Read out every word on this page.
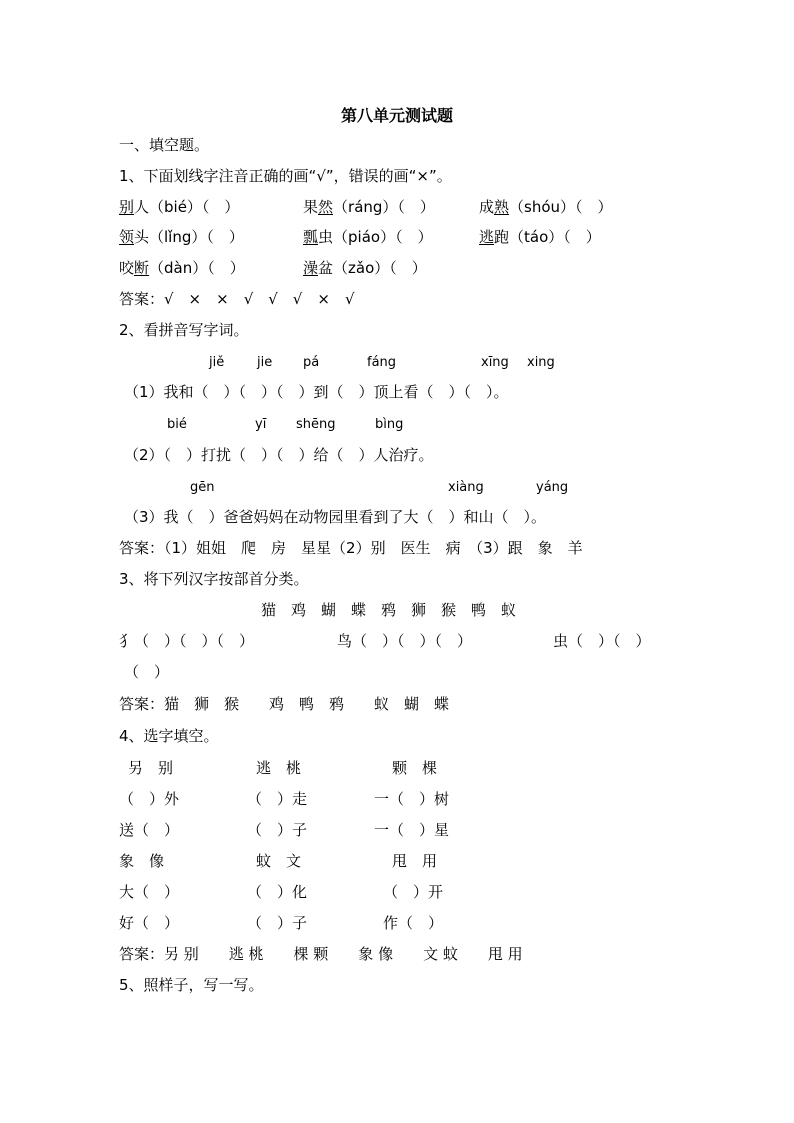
第八单元测试题
一、填空题。
1、下面划线字注音正确的画“√”，错误的画“×”。
别人（bié）（　）	果然（ráng）（　）	成熟（shóu）（　）
领头（lǐng）（　）	瓢虫（piáo）（　）	逃跑（táo）（　）
咬断（dàn）（　）	澡盆（zǎo）（　）
答案：√　×　×　√　√　√　×　√
2、看拼音写字词。
jiě	jie pá	fáng	xīng xing
（1）我和（　）（　）（　）到（　）顶上看（　）（　）。
bié	yī shēng	bìng
（2）（　）打扰（　）（　）给（　）人治疗。
gēn	xiàng	yáng
（3）我（　）爸爸妈妈在动物园里看到了大（　）和山（　）。
答案：（1）姐姐　爬　房　星星（2）别　医生　病　（3）跟　象　羊
3、将下列汉字按部首分类。
猫　鸡　蝴　蝶　鸦　狮　猴　鸭　蚁
犭（　）（　）（　）	鸟（　）（　）（　）	虫（　）（　）
（　）
答案：猫　狮　猴　　鸡　鸭　鸦　　蚁　蝴　蝶
4、选字填空。
另　别	逃　桃	颗　棵
（　）外	（　）走	一（　）树
送（　）	（　）子	一（　）星
象　像	蚊　文	甩　用
大（　）	（　）化	（　）开
好（　）	（　）子	作（　）
答案：另 别　　逃 桃　　棵 颗　　象 像　　文 蚊　　甩 用
5、照样子，写一写。
